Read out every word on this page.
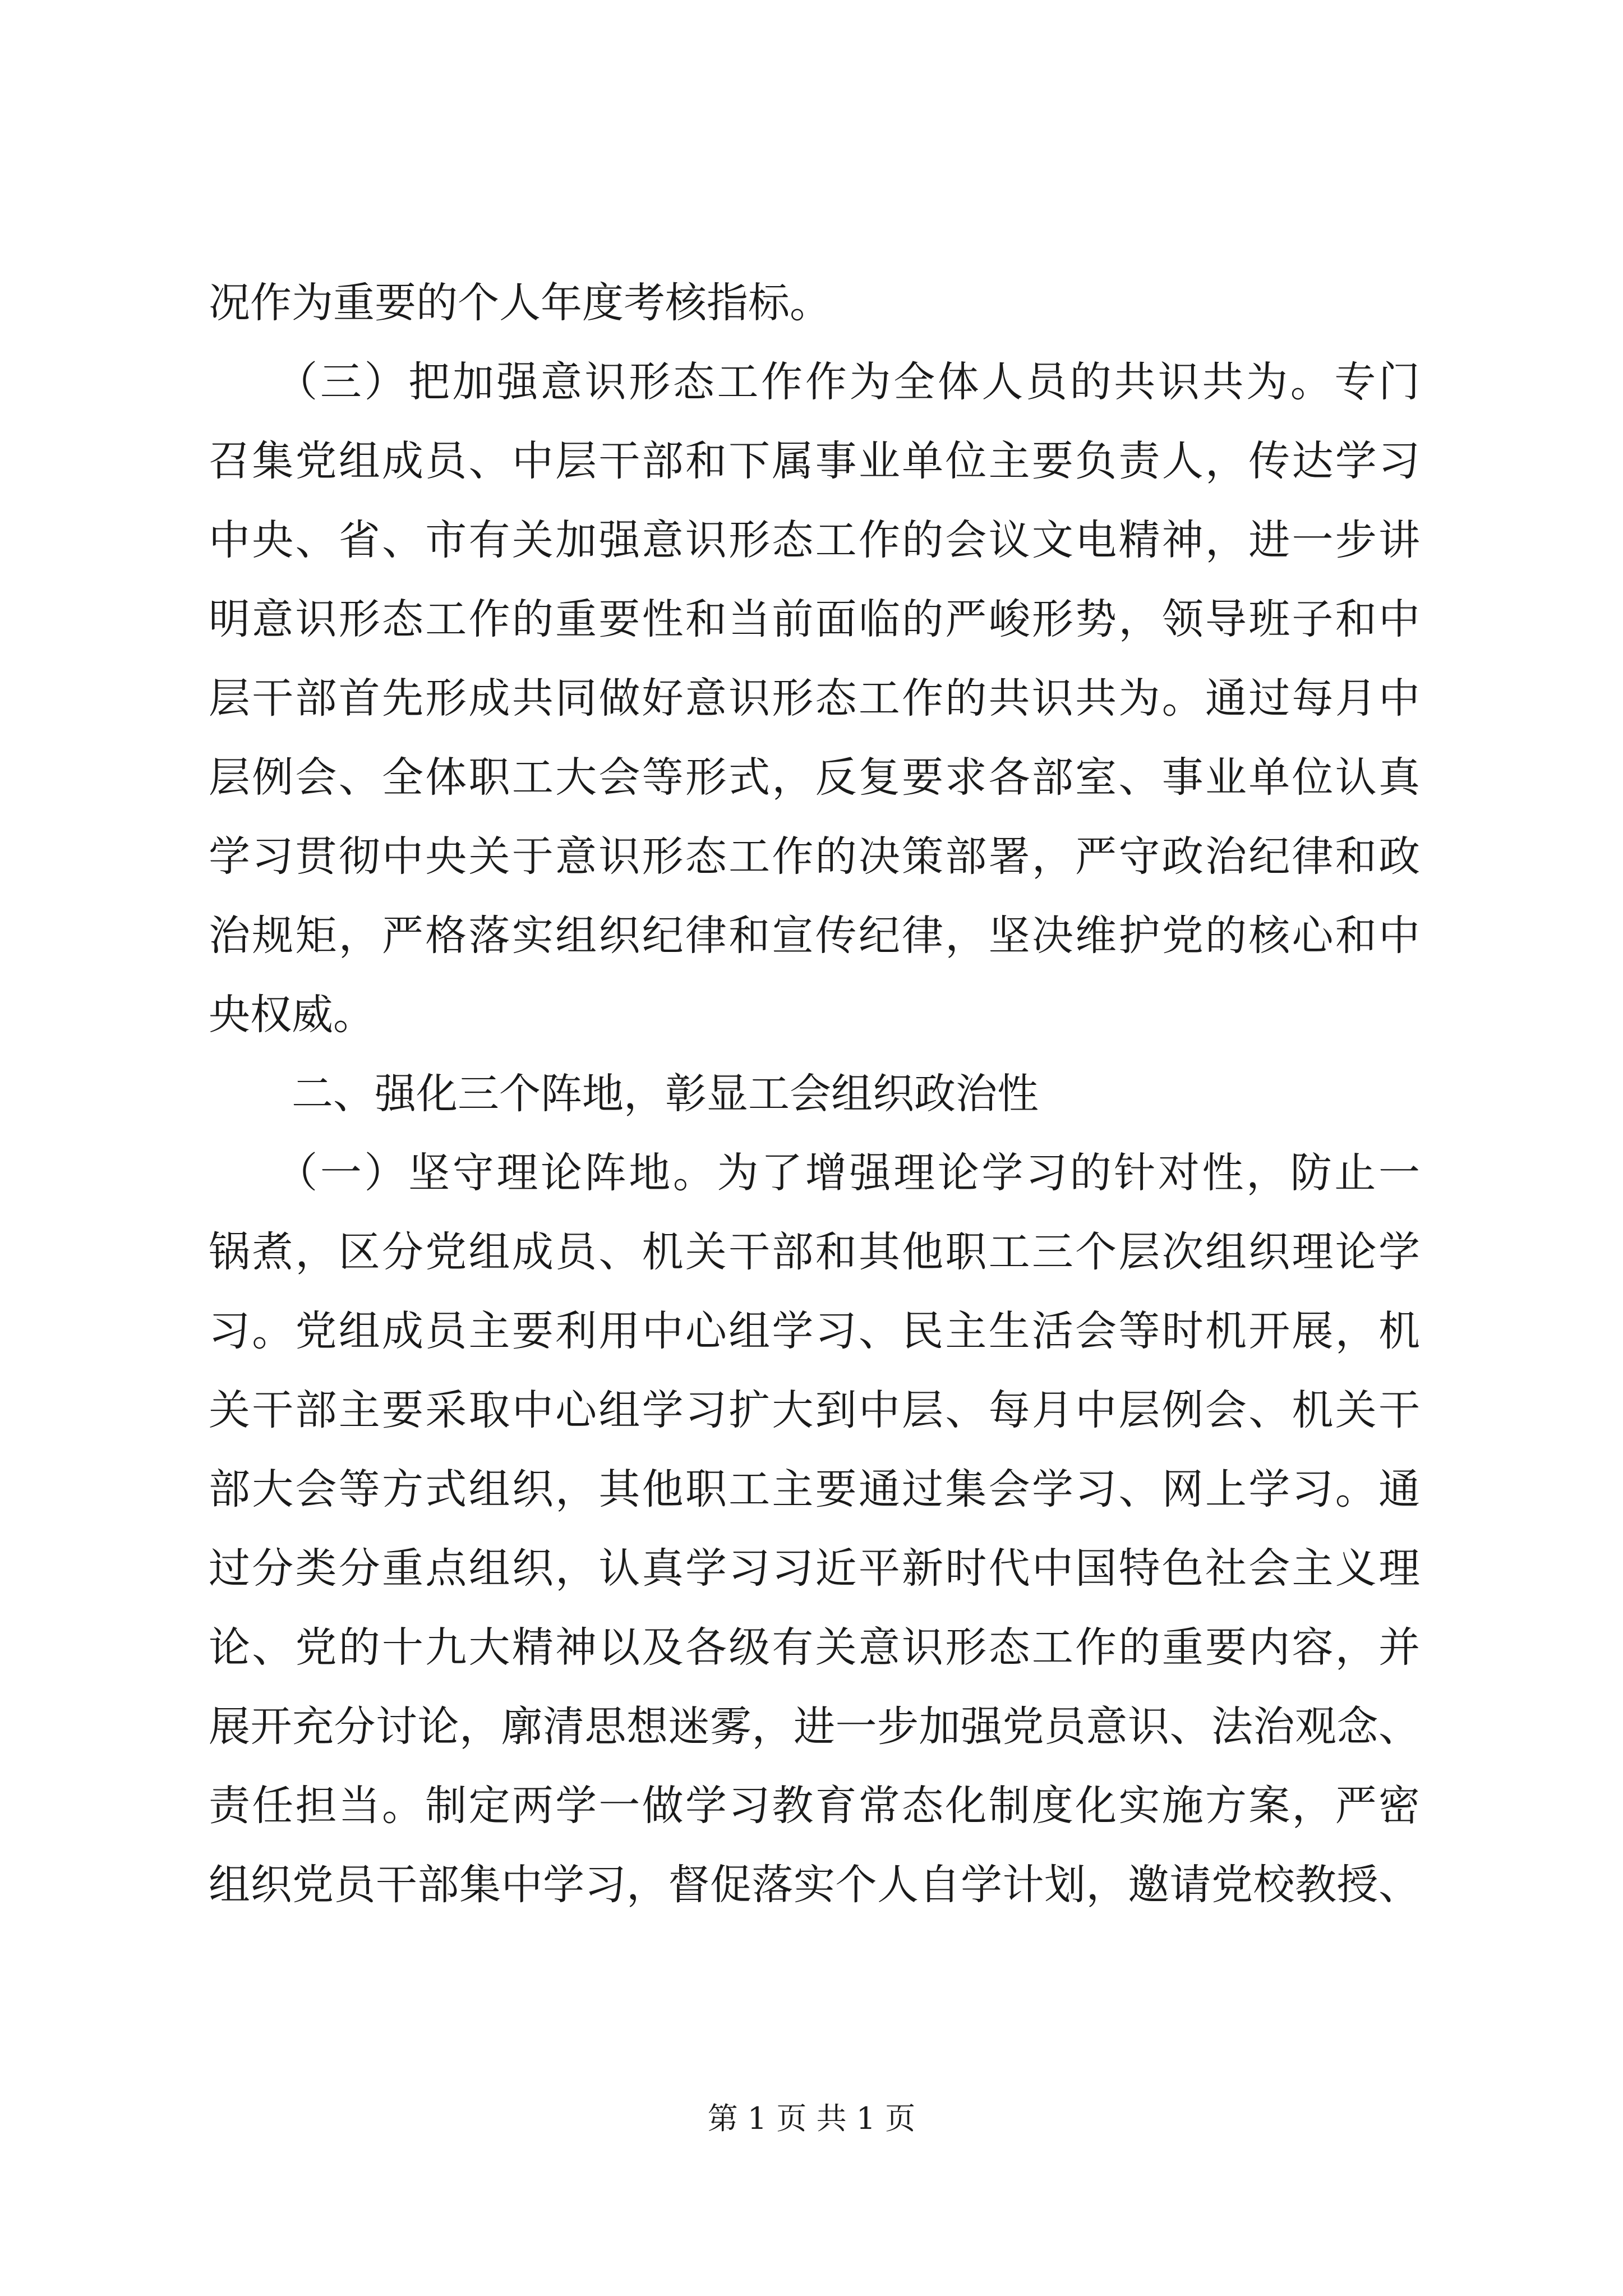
况作为重要的个人年度考核指标。
　　（三）把加强意识形态工作作为全体人员的共识共为。专门
召集党组成员、中层干部和下属事业单位主要负责人，传达学习
中央、省、市有关加强意识形态工作的会议文电精神，进一步讲
明意识形态工作的重要性和当前面临的严峻形势，领导班子和中
层干部首先形成共同做好意识形态工作的共识共为。通过每月中
层例会、全体职工大会等形式，反复要求各部室、事业单位认真
学习贯彻中央关于意识形态工作的决策部署，严守政治纪律和政
治规矩，严格落实组织纪律和宣传纪律，坚决维护党的核心和中
央权威。
二、强化三个阵地，彰显工会组织政治性
　　（一）坚守理论阵地。为了增强理论学习的针对性，防止一
锅煮，区分党组成员、机关干部和其他职工三个层次组织理论学
习。党组成员主要利用中心组学习、民主生活会等时机开展，机
关干部主要采取中心组学习扩大到中层、每月中层例会、机关干
部大会等方式组织，其他职工主要通过集会学习、网上学习。通
过分类分重点组织，认真学习习近平新时代中国特色社会主义理
论、党的十九大精神以及各级有关意识形态工作的重要内容，并
展开充分讨论，廓清思想迷雾，进一步加强党员意识、法治观念、
责任担当。制定两学一做学习教育常态化制度化实施方案，严密
组织党员干部集中学习，督促落实个人自学计划，邀请党校教授、
第 1 页 共 1 页
